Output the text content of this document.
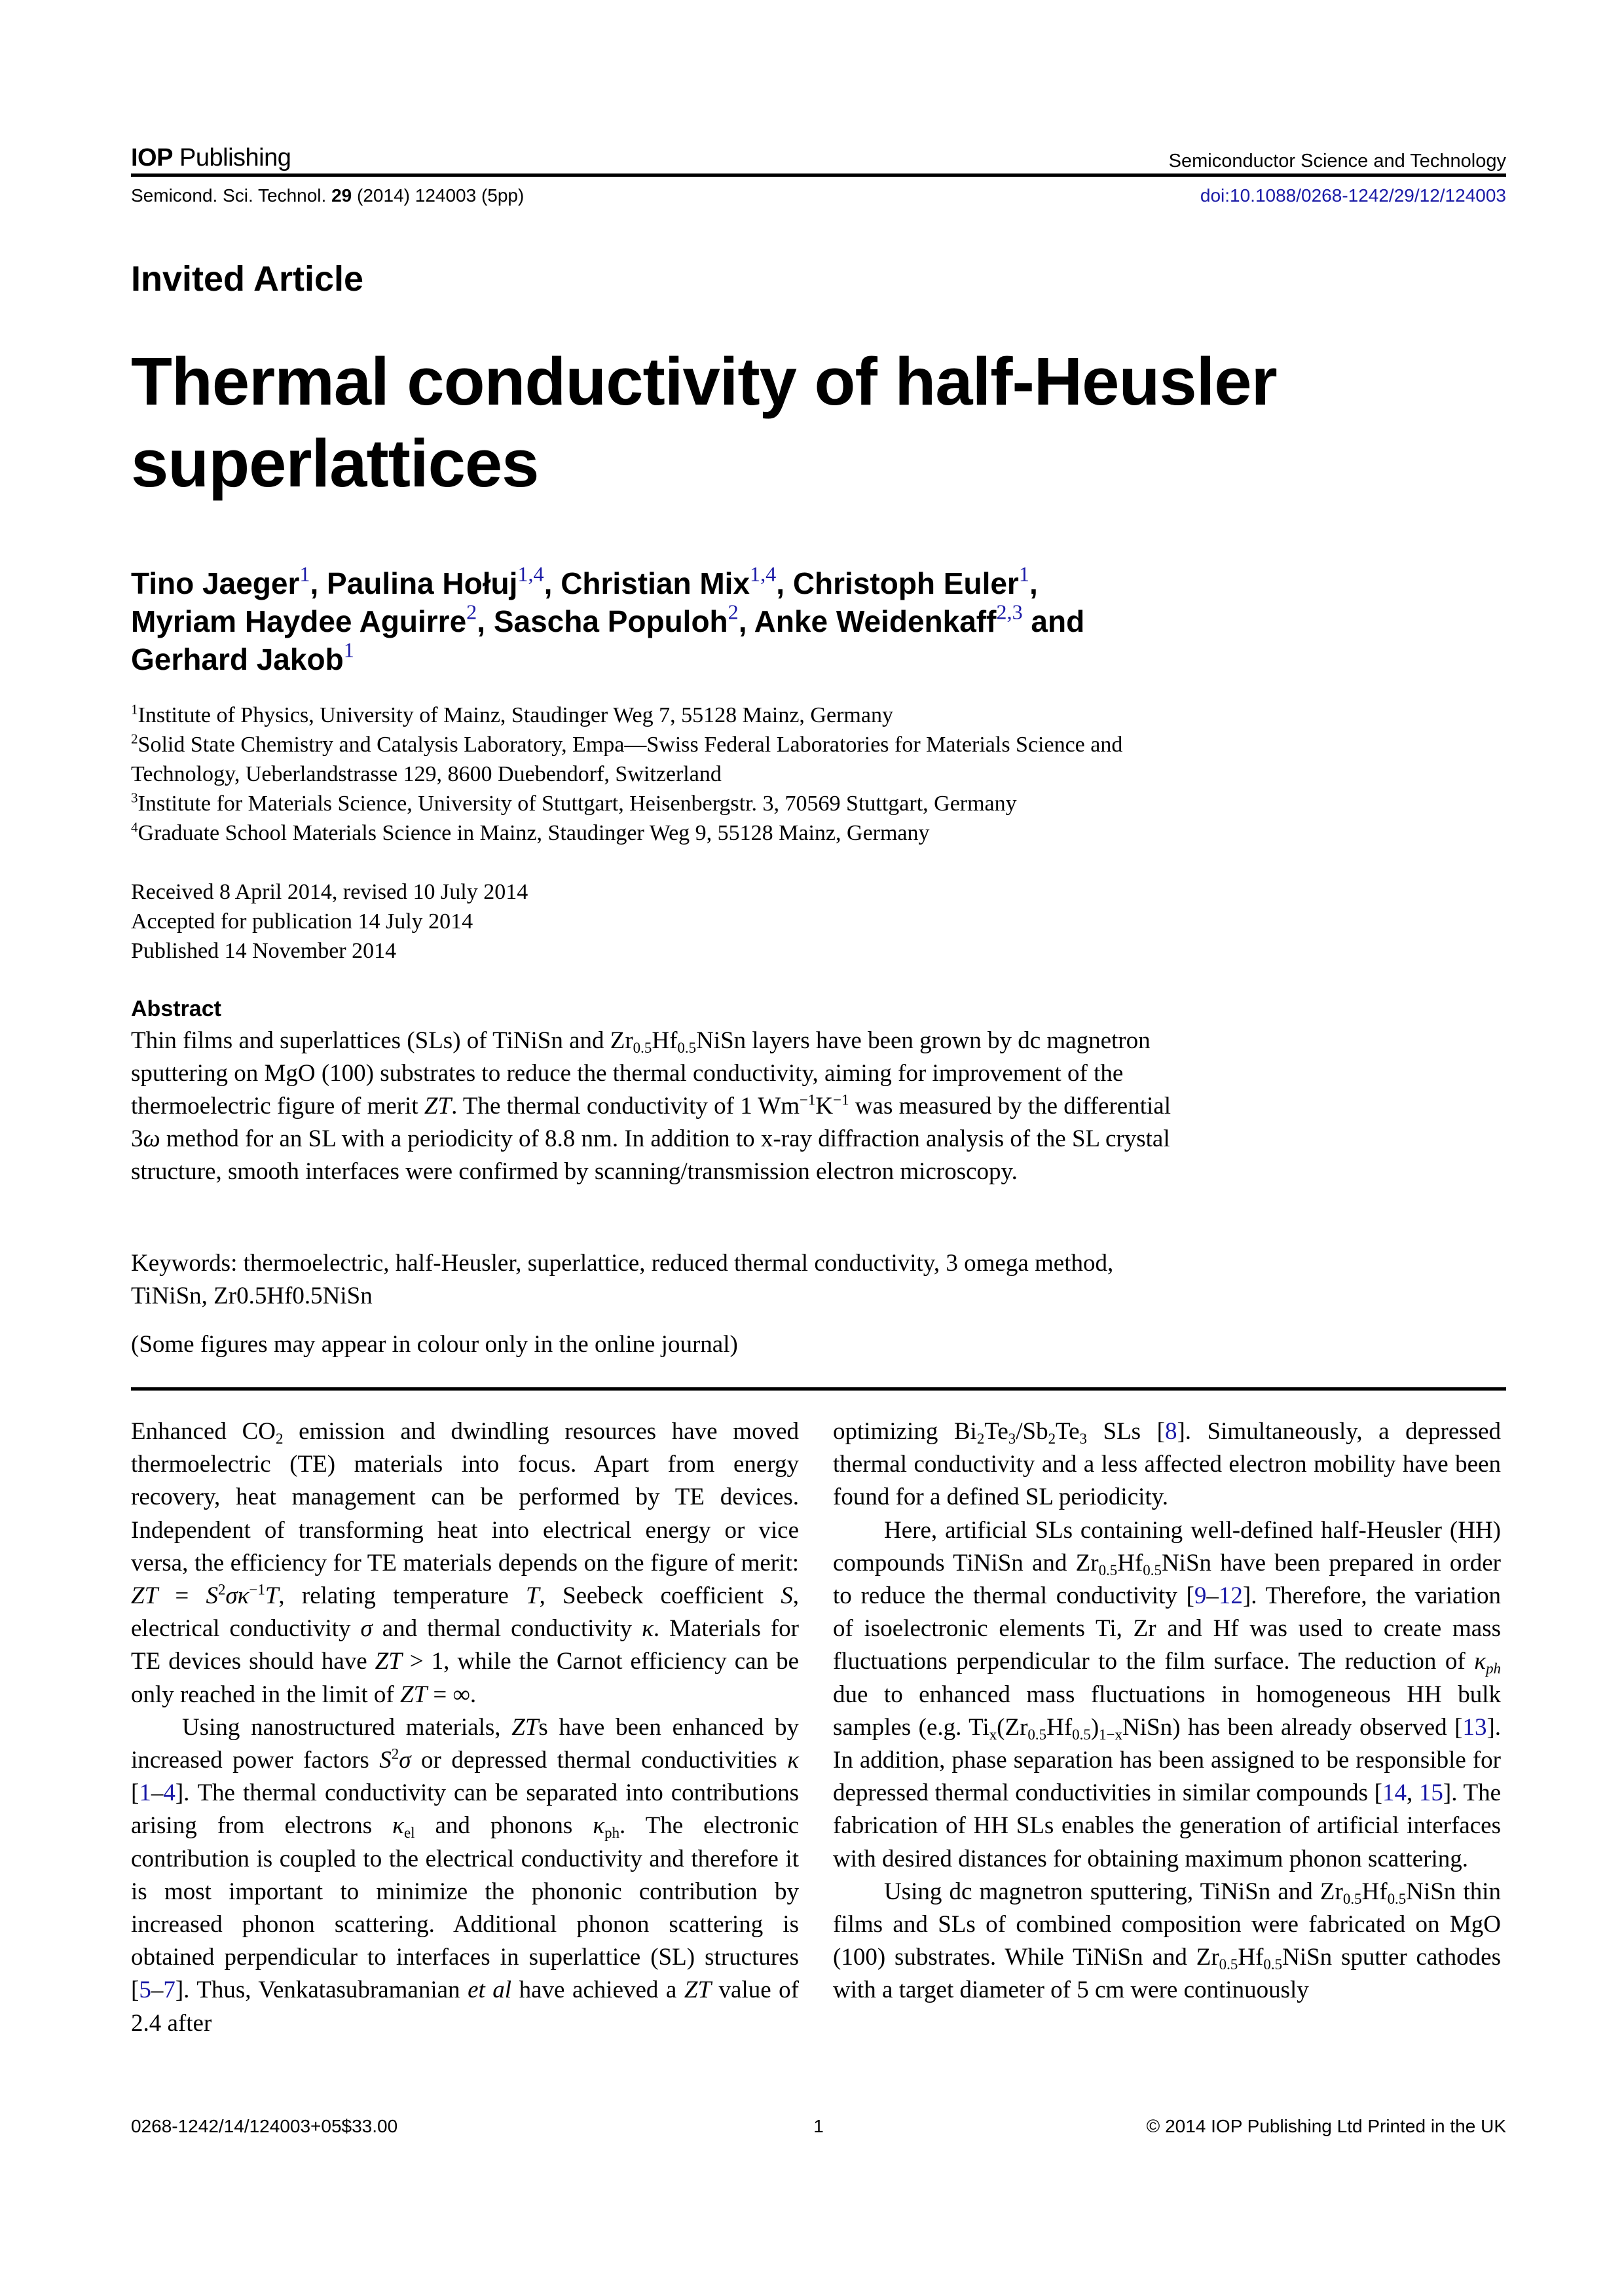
IOP Publishing	Semiconductor Science and Technology
Semicond. Sci. Technol. 29 (2014) 124003 (5pp)	doi:10.1088/0268-1242/29/12/124003
Invited Article
Thermal conductivity of half-Heusler
superlattices
Tino Jaeger$^1$, Paulina Hołuj$^{1,4}$, Christian Mix$^{1,4}$, Christoph Euler$^1$,
Myriam Haydee Aguirre$^2$, Sascha Populoh$^2$, Anke Weidenkaff$^{2,3}$ and
Gerhard Jakob$^1$
$^1$Institute of Physics, University of Mainz, Staudinger Weg 7, 55128 Mainz, Germany
$^2$Solid State Chemistry and Catalysis Laboratory, Empa—Swiss Federal Laboratories for Materials Science and Technology, Ueberlandstrasse 129, 8600 Duebendorf, Switzerland
$^3$Institute for Materials Science, University of Stuttgart, Heisenbergstr. 3, 70569 Stuttgart, Germany
$^4$Graduate School Materials Science in Mainz, Staudinger Weg 9, 55128 Mainz, Germany
Received 8 April 2014, revised 10 July 2014
Accepted for publication 14 July 2014
Published 14 November 2014
Abstract
Thin films and superlattices (SLs) of TiNiSn and $Zr_{0.5}Hf_{0.5}NiSn$ layers have been grown by dc magnetron sputtering on MgO (100) substrates to reduce the thermal conductivity, aiming for improvement of the thermoelectric figure of merit ZT. The thermal conductivity of 1 $Wm^{-1}K^{-1}$ was measured by the differential 3ω method for an SL with a periodicity of 8.8 nm. In addition to x-ray diffraction analysis of the SL crystal structure, smooth interfaces were confirmed by scanning/transmission electron microscopy.
Keywords: thermoelectric, half-Heusler, superlattice, reduced thermal conductivity, 3 omega method, TiNiSn, Zr0.5Hf0.5NiSn
(Some figures may appear in colour only in the online journal)

Enhanced $CO_2$ emission and dwindling resources have moved thermoelectric (TE) materials into focus. Apart from energy recovery, heat management can be performed by TE devices. Independent of transforming heat into electrical energy or vice versa, the efficiency for TE materials depends on the figure of merit: ZT = $S^2\sigma\kappa^{-1}T$, relating temperature T, Seebeck coefficient S, electrical conductivity σ and thermal conductivity κ. Materials for TE devices should have ZT > 1, while the Carnot efficiency can be only reached in the limit of ZT = ∞.

Using nanostructured materials, ZTs have been enhanced by increased power factors $S^2\sigma$ or depressed thermal conductivities κ [1–4]. The thermal conductivity can be separated into contributions arising from electrons $\kappa_{el}$ and phonons $\kappa_{ph}$. The electronic contribution is coupled to the electrical conductivity and therefore it is most important to minimize the phononic contribution by increased phonon scattering. Additional phonon scattering is obtained perpendicular to interfaces in superlattice (SL) structures [5–7]. Thus, Venkatasubramanian et al have achieved a ZT value of 2.4 after

optimizing $Bi_2Te_3/Sb_2Te_3$ SLs [8]. Simultaneously, a depressed thermal conductivity and a less affected electron mobility have been found for a defined SL periodicity.

Here, artificial SLs containing well-defined half-Heusler (HH) compounds TiNiSn and $Zr_{0.5}Hf_{0.5}NiSn$ have been prepared in order to reduce the thermal conductivity [9–12]. Therefore, the variation of isoelectronic elements Ti, Zr and Hf was used to create mass fluctuations perpendicular to the film surface. The reduction of $\kappa_{ph}$ due to enhanced mass fluctuations in homogeneous HH bulk samples (e.g. $Ti_x(Zr_{0.5}Hf_{0.5})_{1-x}NiSn$) has been already observed [13]. In addition, phase separation has been assigned to be responsible for depressed thermal conductivities in similar compounds [14, 15]. The fabrication of HH SLs enables the generation of artificial interfaces with desired distances for obtaining maximum phonon scattering.

Using dc magnetron sputtering, TiNiSn and $Zr_{0.5}Hf_{0.5}NiSn$ thin films and SLs of combined composition were fabricated on MgO (100) substrates. While TiNiSn and $Zr_{0.5}Hf_{0.5}NiSn$ sputter cathodes with a target diameter of 5 cm were continuously

0268-1242/14/124003+05$33.00	1	© 2014 IOP Publishing Ltd Printed in the UK
